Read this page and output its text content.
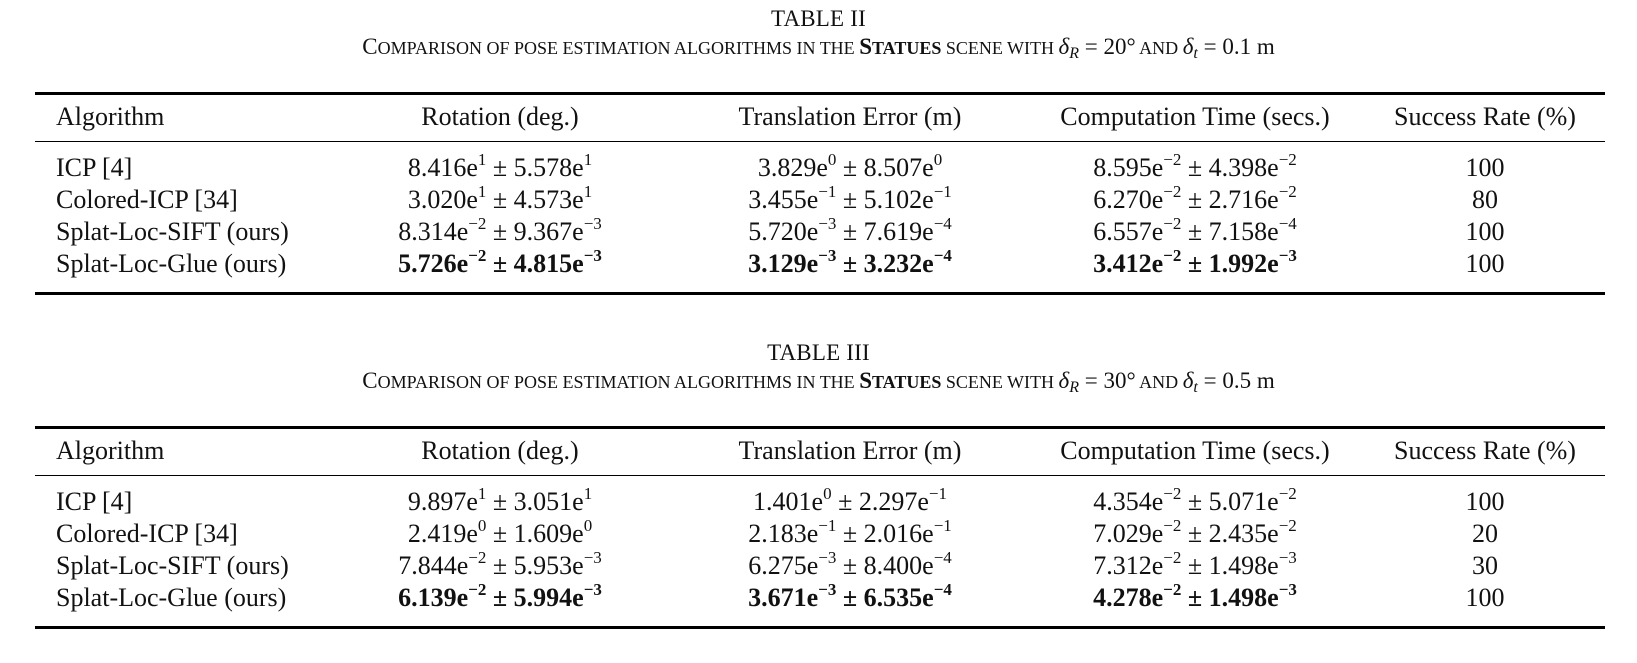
TABLE II
COMPARISON OF POSE ESTIMATION ALGORITHMS IN THE STATUES SCENE WITH $\delta_R = 20^\circ$ AND $\delta_t = 0.1$ m
Algorithm	Rotation (deg.)	Translation Error (m)	Computation Time (secs.)	Success Rate (%)
ICP [4]	$8.416e^1 \pm 5.578e^1$	$3.829e^0 \pm 8.507e^0$	$8.595e^{-2} \pm 4.398e^{-2}$	100
Colored-ICP [34]	$3.020e^1 \pm 4.573e^1$	$3.455e^{-1} \pm 5.102e^{-1}$	$6.270e^{-2} \pm 2.716e^{-2}$	80
Splat-Loc-SIFT (ours)	$8.314e^{-2} \pm 9.367e^{-3}$	$5.720e^{-3} \pm 7.619e^{-4}$	$6.557e^{-2} \pm 7.158e^{-4}$	100
Splat-Loc-Glue (ours)	$5.726e^{-2} \pm 4.815e^{-3}$	$3.129e^{-3} \pm 3.232e^{-4}$	$3.412e^{-2} \pm 1.992e^{-3}$	100
TABLE III
COMPARISON OF POSE ESTIMATION ALGORITHMS IN THE STATUES SCENE WITH $\delta_R = 30^\circ$ AND $\delta_t = 0.5$ m
Algorithm	Rotation (deg.)	Translation Error (m)	Computation Time (secs.)	Success Rate (%)
ICP [4]	$9.897e^1 \pm 3.051e^1$	$1.401e^0 \pm 2.297e^{-1}$	$4.354e^{-2} \pm 5.071e^{-2}$	100
Colored-ICP [34]	$2.419e^0 \pm 1.609e^0$	$2.183e^{-1} \pm 2.016e^{-1}$	$7.029e^{-2} \pm 2.435e^{-2}$	20
Splat-Loc-SIFT (ours)	$7.844e^{-2} \pm 5.953e^{-3}$	$6.275e^{-3} \pm 8.400e^{-4}$	$7.312e^{-2} \pm 1.498e^{-3}$	30
Splat-Loc-Glue (ours)	$6.139e^{-2} \pm 5.994e^{-3}$	$3.671e^{-3} \pm 6.535e^{-4}$	$4.278e^{-2} \pm 1.498e^{-3}$	100
